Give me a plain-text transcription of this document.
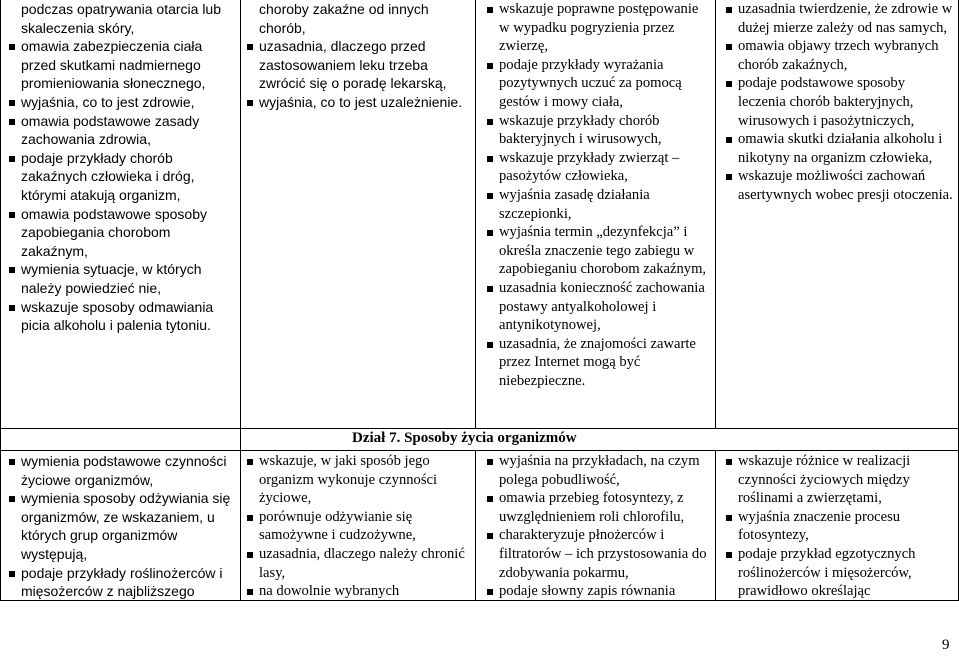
podczas opatrywania otarcia lub skaleczenia skóry,
omawia zabezpieczenia ciała przed skutkami nadmiernego promieniowania słonecznego,
wyjaśnia, co to jest zdrowie,
omawia podstawowe zasady zachowania zdrowia,
podaje przykłady chorób zakaźnych człowieka i dróg, którymi atakują organizm,
omawia podstawowe sposoby zapobiegania chorobom zakaźnym,
wymienia sytuacje, w których należy powiedzieć nie,
wskazuje sposoby odmawiania picia alkoholu i palenia tytoniu.
choroby zakaźne od innych chorób,
uzasadnia, dlaczego przed zastosowaniem leku trzeba zwrócić się o poradę lekarską,
wyjaśnia, co to jest uzależnienie.
wskazuje poprawne postępowanie w wypadku pogryzienia przez zwierzę,
podaje przykłady wyrażania pozytywnych uczuć za pomocą gestów i mowy ciała,
wskazuje przykłady chorób bakteryjnych i wirusowych,
wskazuje przykłady zwierząt – pasożytów człowieka,
wyjaśnia zasadę działania szczepionki,
wyjaśnia termin „dezynfekcja” i określa znaczenie tego zabiegu w zapobieganiu chorobom zakaźnym,
uzasadnia konieczność zachowania postawy antyalkoholowej i antynikotynowej,
uzasadnia, że znajomości zawarte przez Internet mogą być niebezpieczne.
uzasadnia twierdzenie, że zdrowie w dużej mierze zależy od nas samych,
omawia objawy trzech wybranych chorób zakaźnych,
podaje podstawowe sposoby leczenia chorób bakteryjnych, wirusowych i pasożytniczych,
omawia skutki działania alkoholu i nikotyny na organizm człowieka,
wskazuje możliwości zachowań asertywnych wobec presji otoczenia.
Dział 7. Sposoby życia organizmów
wymienia podstawowe czynności życiowe organizmów,
wymienia sposoby odżywiania się organizmów, ze wskazaniem, u których grup organizmów występują,
podaje przykłady roślinożerców i mięsożerców z najbliższego
wskazuje, w jaki sposób jego organizm wykonuje czynności życiowe,
porównuje odżywianie się samożywne i cudzożywne,
uzasadnia, dlaczego należy chronić lasy,
na dowolnie wybranych
wyjaśnia na przykładach, na czym polega pobudliwość,
omawia przebieg fotosyntezy, z uwzględnieniem roli chlorofilu,
charakteryzuje płnożerców i filtratorów – ich przystosowania do zdobywania pokarmu,
podaje słowny zapis równania
wskazuje różnice w realizacji czynności życiowych między roślinami a zwierzętami,
wyjaśnia znaczenie procesu fotosyntezy,
podaje przykład egzotycznych roślinożerców i mięsożerców, prawidłowo określając
9
